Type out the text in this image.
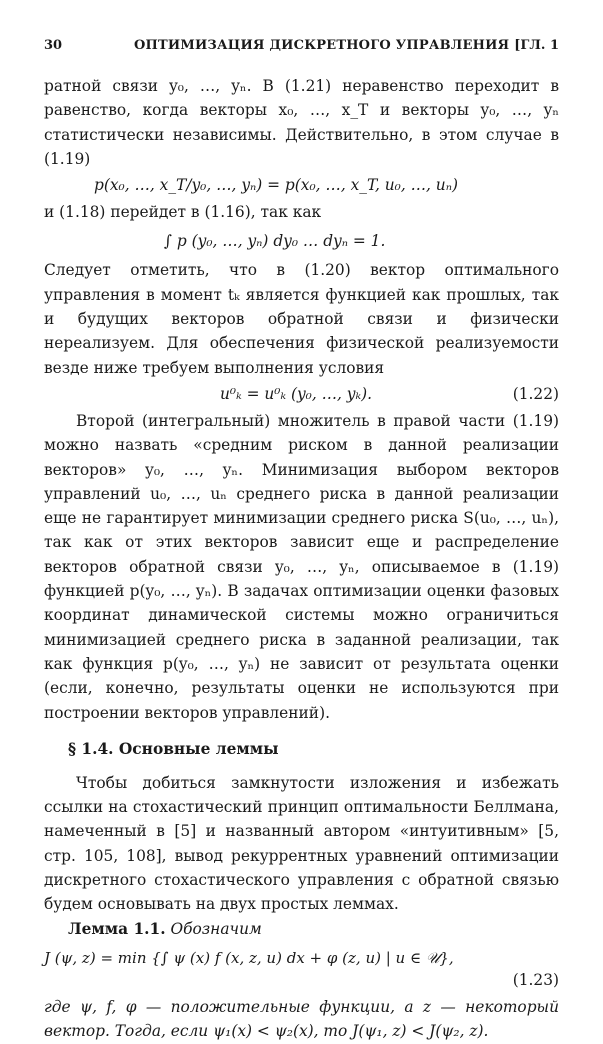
30	ОПТИМИЗАЦИЯ ДИСКРЕТНОГО УПРАВЛЕНИЯ [ГЛ. 1

ратной связи y₀, …, yₙ. В (1.21) неравенство переходит в равенство, когда векторы x₀, …, x_T и векторы y₀, …, yₙ статистически независимы. Действительно, в этом случае в (1.19)

p(x₀, …, x_T/y₀, …, yₙ) = p(x₀, …, x_T, u₀, …, uₙ)

и (1.18) перейдет в (1.16), так как

∫ p (y₀, …, yₙ) dy₀ … dyₙ = 1.

Следует отметить, что в (1.20) вектор оптимального управления в момент tₖ является функцией как прошлых, так и будущих векторов обратной связи и физически нереализуем. Для обеспечения физической реализуемости везде ниже требуем выполнения условия

u⁰ₖ = u⁰ₖ (y₀, …, yₖ).	(1.22)

Второй (интегральный) множитель в правой части (1.19) можно назвать «средним риском в данной реализации векторов» y₀, …, yₙ. Минимизация выбором векторов управлений u₀, …, uₙ среднего риска в данной реализации еще не гарантирует минимизации среднего риска S(u₀, …, uₙ), так как от этих векторов зависит еще и распределение векторов обратной связи y₀, …, yₙ, описываемое в (1.19) функцией p(y₀, …, yₙ). В задачах оптимизации оценки фазовых координат динамической системы можно ограничиться минимизацией среднего риска в заданной реализации, так как функция p(y₀, …, yₙ) не зависит от результата оценки (если, конечно, результаты оценки не используются при построении векторов управлений).

§ 1.4. Основные леммы

Чтобы добиться замкнутости изложения и избежать ссылки на стохастический принцип оптимальности Беллмана, намеченный в [5] и названный автором «интуитивным» [5, стр. 105, 108], вывод рекуррентных уравнений оптимизации дискретного стохастического управления с обратной связью будем основывать на двух простых леммах.

Лемма 1.1. Обозначим

J (ψ, z) = min {∫ ψ (x) f (x, z, u) dx + φ (z, u) | u ∈ 𝒰},
(1.23)

где ψ, f, φ — положительные функции, а z — некоторый вектор. Тогда, если ψ₁(x) < ψ₂(x), то J(ψ₁, z) < J(ψ₂, z).
